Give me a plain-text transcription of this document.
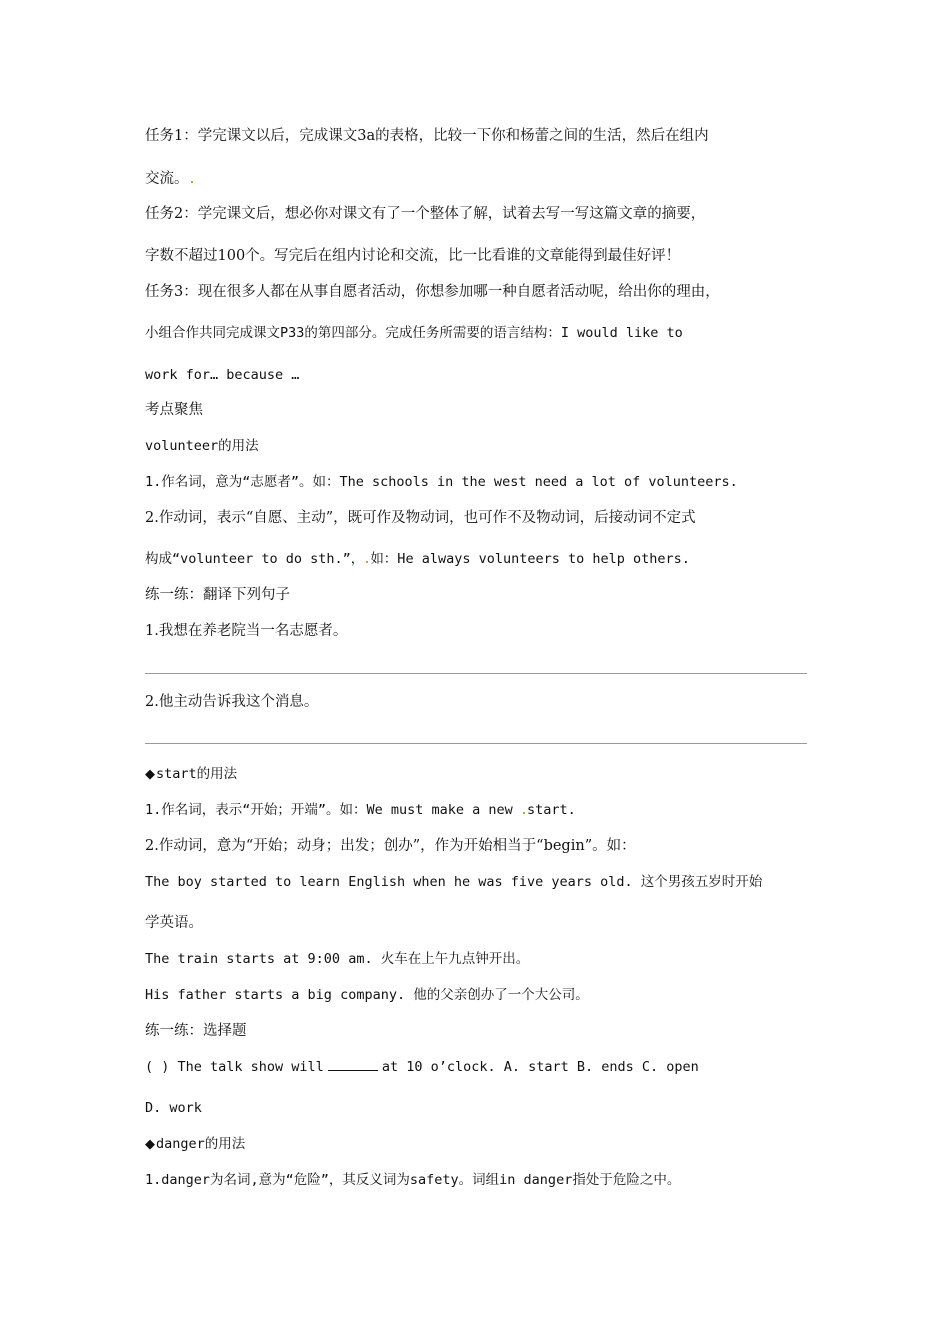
任务1：学完课文以后，完成课文3a的表格，比较一下你和杨蕾之间的生活，然后在组内
交流。
任务2：学完课文后，想必你对课文有了一个整体了解，试着去写一写这篇文章的摘要，
字数不超过100个。写完后在组内讨论和交流，比一比看谁的文章能得到最佳好评！
任务3：现在很多人都在从事自愿者活动，你想参加哪一种自愿者活动呢，给出你的理由，
小组合作共同完成课文P33的第四部分。完成任务所需要的语言结构：I would like to
work for… because …
考点聚焦
volunteer的用法
1.作名词，意为“志愿者”。如：The schools in the west need a lot of volunteers.
2.作动词，表示“自愿、主动”，既可作及物动词，也可作不及物动词，后接动词不定式
构成“volunteer to do sth.”， 如：He always volunteers to help others.
练一练：翻译下列句子
1.我想在养老院当一名志愿者。
2.他主动告诉我这个消息。
◆start的用法
1.作名词，表示“开始；开端”。如：We must make a new start.
2.作动词，意为“开始；动身；出发；创办”，作为开始相当于“begin”。如：
The boy started to learn English when he was five years old. 这个男孩五岁时开始
学英语。
The train starts at 9:00 am. 火车在上午九点钟开出。
His father starts a big company. 他的父亲创办了一个大公司。
练一练：选择题
( ) The talk show will	at 10 o’clock. A. start B. ends C. open
D. work
◆danger的用法
1.danger为名词,意为“危险”，其反义词为safety。词组in danger指处于危险之中。
